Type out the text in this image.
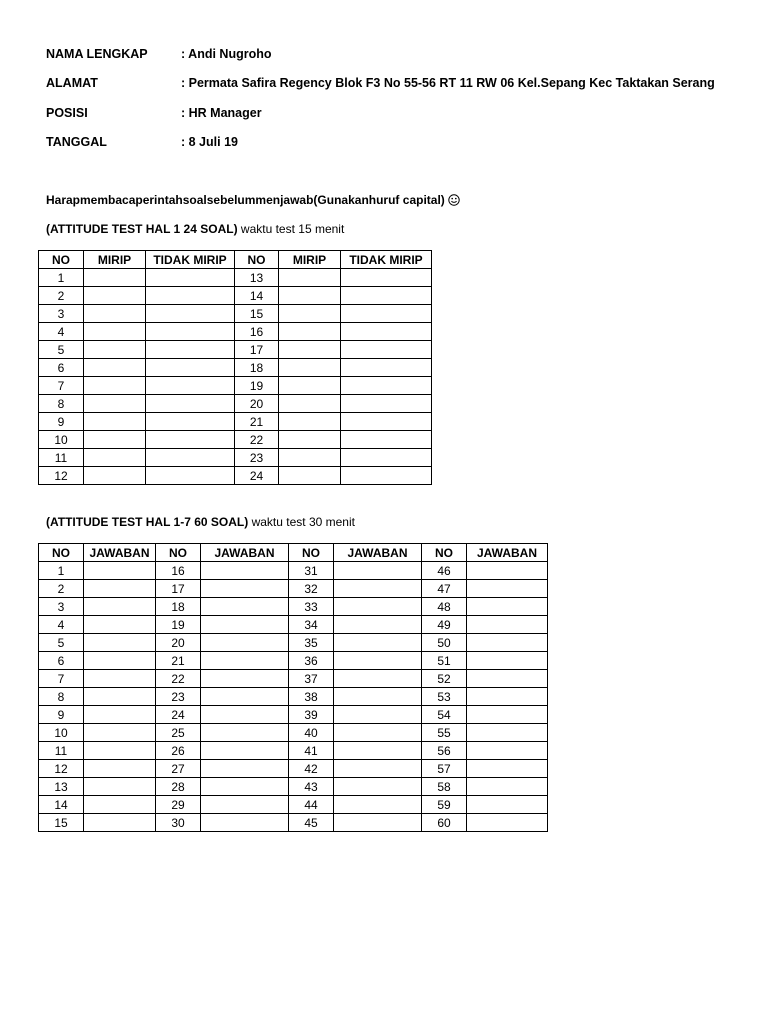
NAMA LENGKAP	: Andi Nugroho
ALAMAT	: Permata Safira Regency Blok F3 No 55-56 RT 11 RW 06 Kel.Sepang Kec Taktakan Serang
POSISI	: HR Manager
TANGGAL	: 8 Juli 19
Harapmembacaperintahsoalsebelummenjawab(Gunakanhuruf capital)
(ATTITUDE TEST HAL 1 24 SOAL) waktu test 15 menit
NO	MIRIP	TIDAK MIRIP	NO	MIRIP	TIDAK MIRIP
1			13		
2			14		
3			15		
4			16		
5			17		
6			18		
7			19		
8			20		
9			21		
10			22		
11			23		
12			24		
(ATTITUDE TEST HAL 1-7 60 SOAL) waktu test 30 menit
NO	JAWABAN	NO	JAWABAN	NO	JAWABAN	NO	JAWABAN
1		16		31		46	
2		17		32		47	
3		18		33		48	
4		19		34		49	
5		20		35		50	
6		21		36		51	
7		22		37		52	
8		23		38		53	
9		24		39		54	
10		25		40		55	
11		26		41		56	
12		27		42		57	
13		28		43		58	
14		29		44		59	
15		30		45		60	
